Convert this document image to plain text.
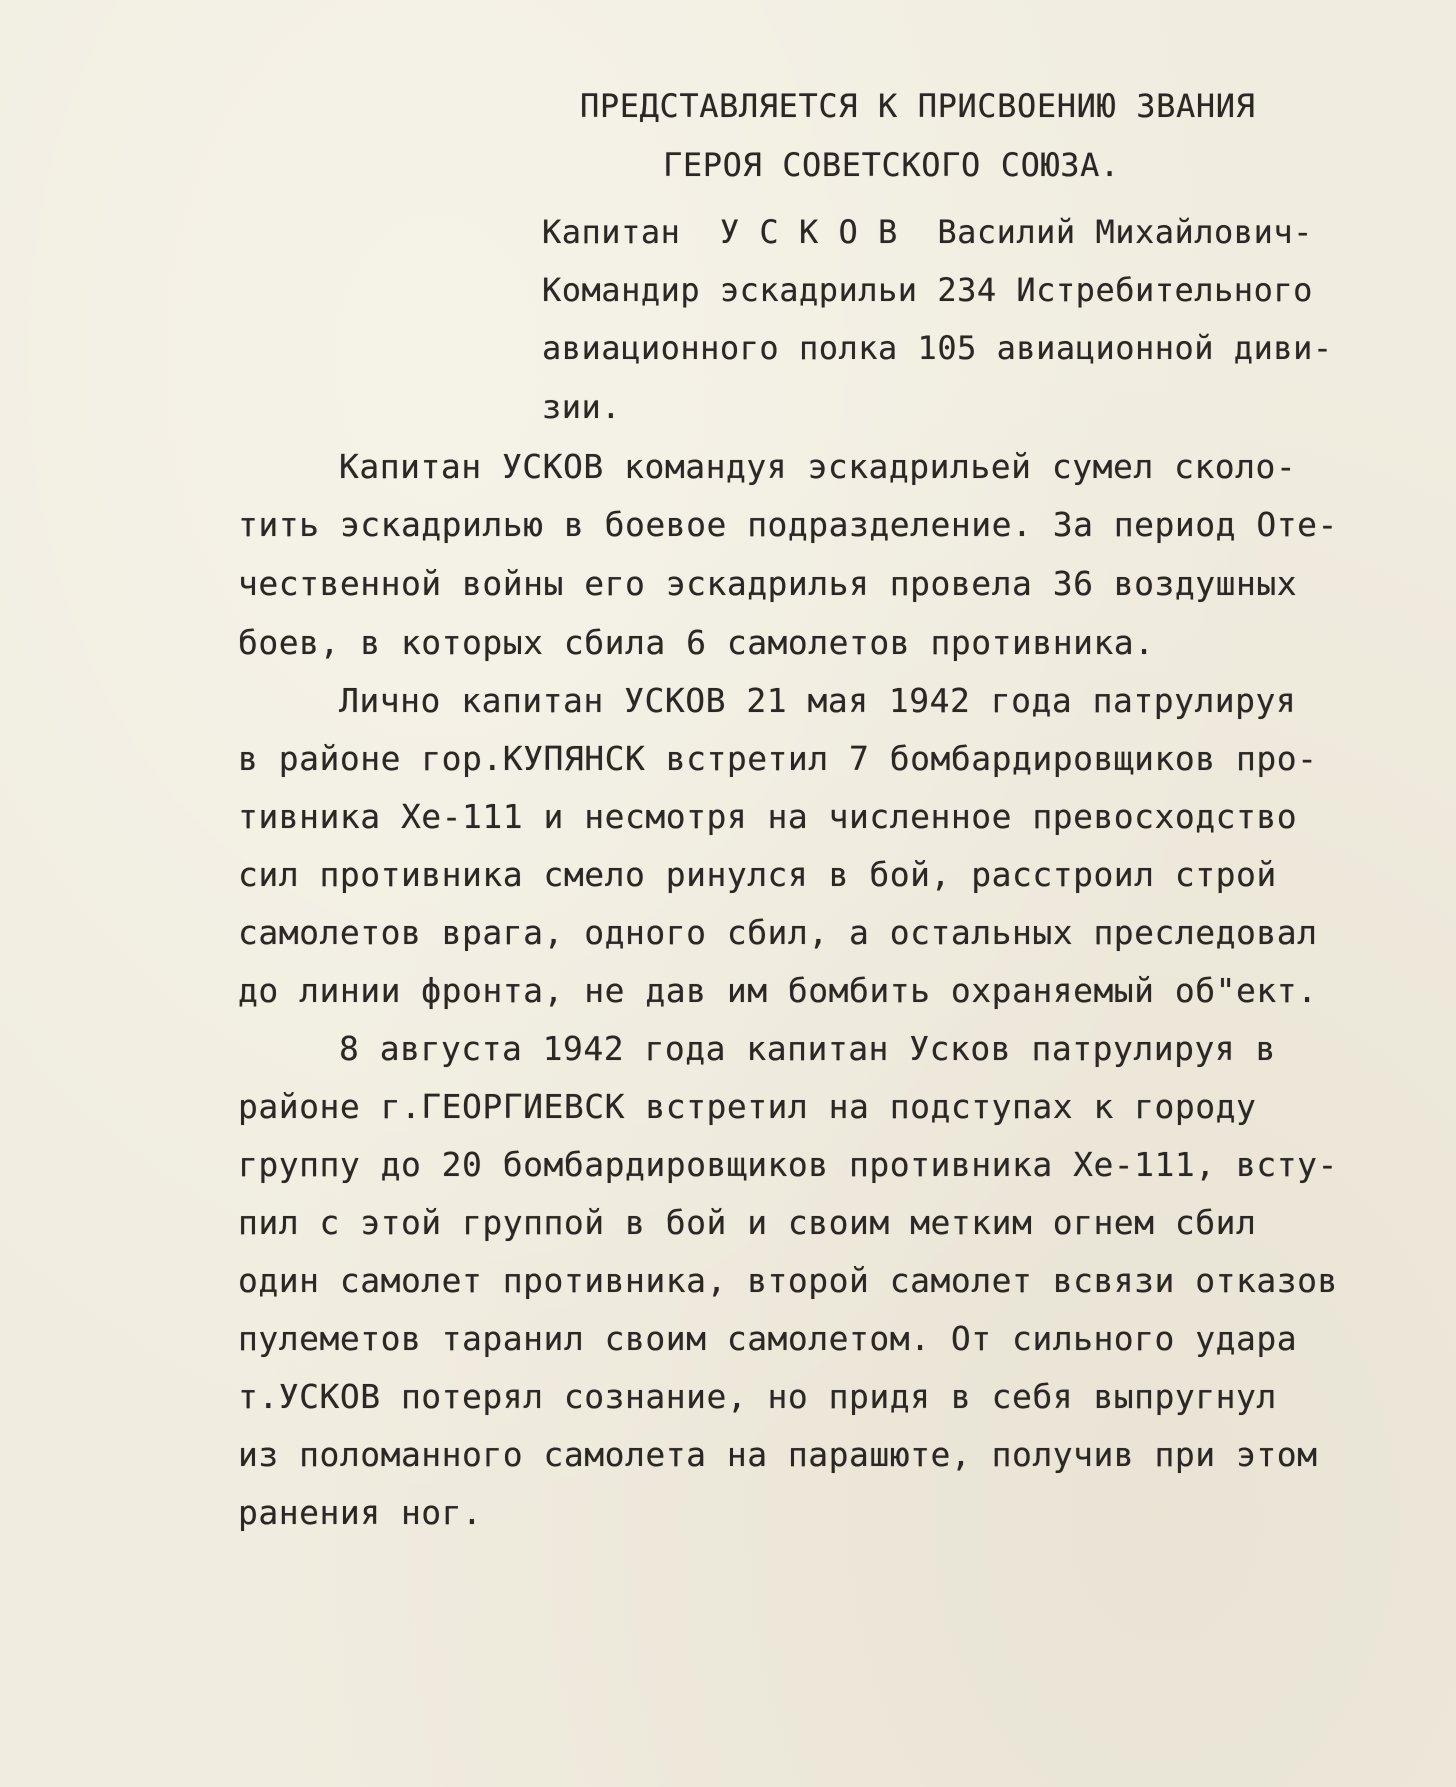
ПРЕДСТАВЛЯЕТСЯ К ПРИСВОЕНИЮ ЗВАНИЯ
ГЕРОЯ СОВЕТСКОГО СОЮЗА.
Капитан  У С К О В  Василий Михайлович-
Командир эскадрильи 234 Истребительного
авиационного полка 105 авиационной диви-
зии.
Капитан УСКОВ командуя эскадрильей сумел сколо-
тить эскадрилью в боевое подразделение. За период Оте-
чественной войны его эскадрилья провела 36 воздушных
боев, в которых сбила 6 самолетов противника.
Лично капитан УСКОВ 21 мая 1942 года патрулируя
в районе гор.КУПЯНСК встретил 7 бомбардировщиков про-
тивника Хе-111 и несмотря на численное превосходство
сил противника смело ринулся в бой, расстроил строй
самолетов врага, одного сбил, а остальных преследовал
до линии фронта, не дав им бомбить охраняемый об"ект.
8 августа 1942 года капитан Усков патрулируя в
районе г.ГЕОРГИЕВСК встретил на подступах к городу
группу до 20 бомбардировщиков противника Хе-111, всту-
пил с этой группой в бой и своим метким огнем сбил
один самолет противника, второй самолет всвязи отказов
пулеметов таранил своим самолетом. От сильного удара
т.УСКОВ потерял сознание, но придя в себя выпругнул
из поломанного самолета на парашюте, получив при этом
ранения ног.
